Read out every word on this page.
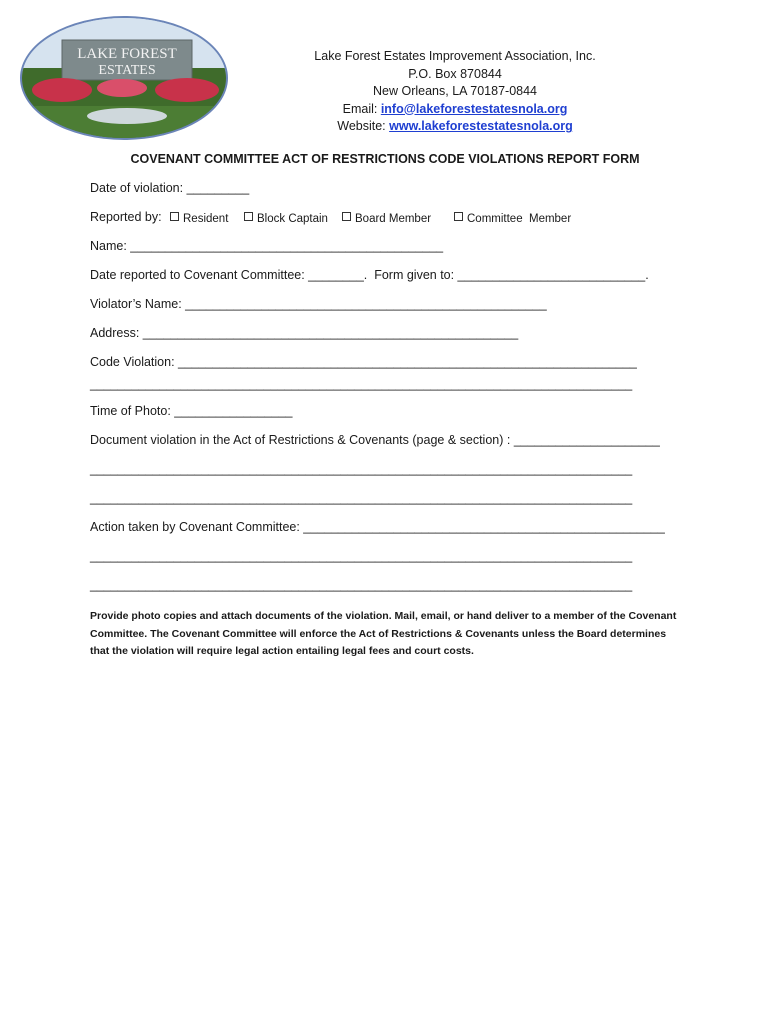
LAKE FOREST
ESTATES
Lake Forest Estates Improvement Association, Inc.
P.O. Box 870844
New Orleans, LA 70187-0844
Email: info@lakeforestestatesnola.org
Website: www.lakeforestestatesnola.org
COVENANT COMMITTEE ACT OF RESTRICTIONS CODE VIOLATIONS REPORT FORM
Date of violation: _________
Reported by:	Resident	Block Captain	Board Member	Committee  Member
Name: _____________________________________________
Date reported to Covenant Committee: ________.  Form given to: ___________________________.
Violator’s Name: ____________________________________________________
Address: ______________________________________________________
Code Violation: __________________________________________________________________
______________________________________________________________________________
Time of Photo: _________________
Document violation in the Act of Restrictions & Covenants (page & section) : _____________________
______________________________________________________________________________
______________________________________________________________________________
Action taken by Covenant Committee: ____________________________________________________
______________________________________________________________________________
______________________________________________________________________________
Provide photo copies and attach documents of the violation. Mail, email, or hand deliver to a member of the Covenant Committee. The Covenant Committee will enforce the Act of Restrictions & Covenants unless the Board determines that the violation will require legal action entailing legal fees and court costs.
